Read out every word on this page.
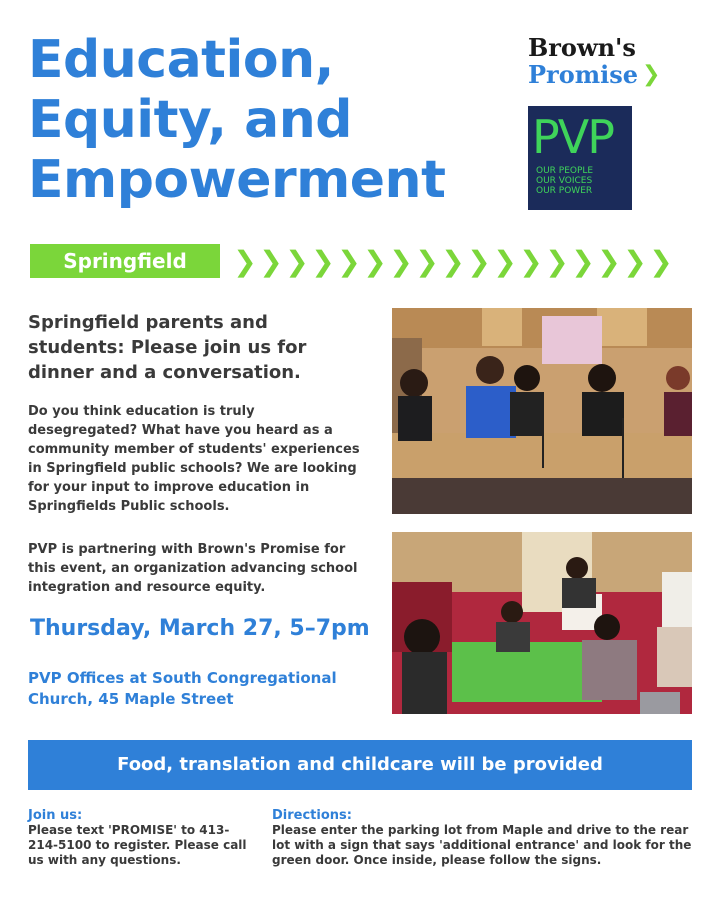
Education,
Equity, and
Empowerment
Brown's
Promise ❯
PVP
OUR PEOPLE
OUR VOICES
OUR POWER
Springfield	❯ ❯ ❯ ❯ ❯ ❯ ❯ ❯ ❯ ❯ ❯ ❯ ❯ ❯ ❯ ❯ ❯
Springfield parents and students: Please join us for dinner and a conversation.
Do you think education is truly desegregated? What have you heard as a community member of students' experiences in Springfield public schools? We are looking for your input to improve education in Springfields Public schools.
PVP is partnering with Brown's Promise for this event, an organization advancing school integration and resource equity.
Thursday, March 27, 5–7pm
PVP Offices at South Congregational Church, 45 Maple Street
Food, translation and childcare will be provided
Join us:
Please text 'PROMISE' to 413-214-5100 to register. Please call us with any questions.
Directions:
Please enter the parking lot from Maple and drive to the rear lot with a sign that says 'additional entrance' and look for the green door. Once inside, please follow the signs.
